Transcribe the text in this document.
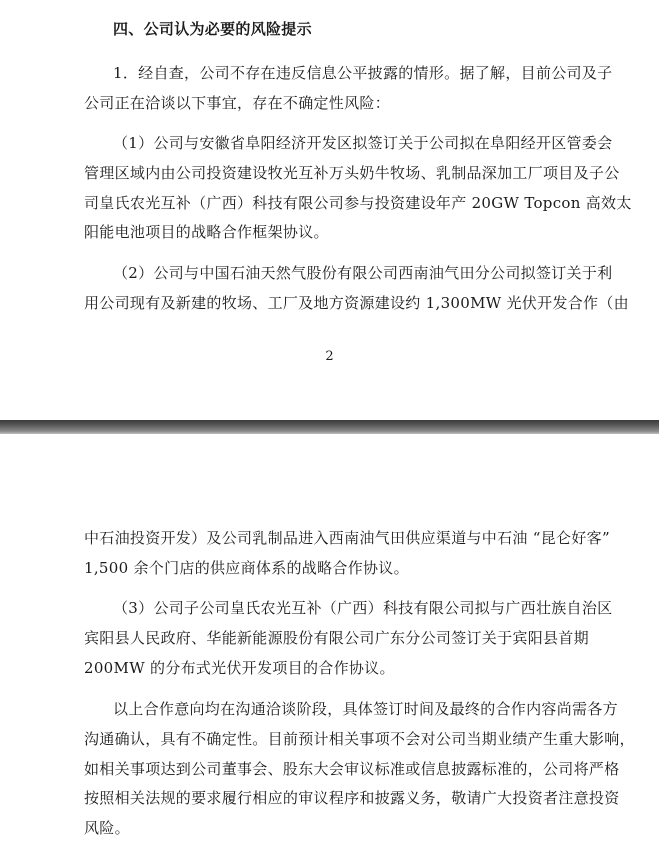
四、公司认为必要的风险提示
1．经自查，公司不存在违反信息公平披露的情形。据了解，目前公司及子
公司正在洽谈以下事宜，存在不确定性风险：
（1）公司与安徽省阜阳经济开发区拟签订关于公司拟在阜阳经开区管委会
管理区域内由公司投资建设牧光互补万头奶牛牧场、乳制品深加工厂项目及子公
司皇氏农光互补（广西）科技有限公司参与投资建设年产 20GW Topcon 高效太
阳能电池项目的战略合作框架协议。
（2）公司与中国石油天然气股份有限公司西南油气田分公司拟签订关于利
用公司现有及新建的牧场、工厂及地方资源建设约 1,300MW 光伏开发合作（由
2
中石油投资开发）及公司乳制品进入西南油气田供应渠道与中石油 “昆仑好客”
1,500 余个门店的供应商体系的战略合作协议。
（3）公司子公司皇氏农光互补（广西）科技有限公司拟与广西壮族自治区
宾阳县人民政府、华能新能源股份有限公司广东分公司签订关于宾阳县首期
200MW 的分布式光伏开发项目的合作协议。
以上合作意向均在沟通洽谈阶段，具体签订时间及最终的合作内容尚需各方
沟通确认，具有不确定性。目前预计相关事项不会对公司当期业绩产生重大影响，
如相关事项达到公司董事会、股东大会审议标准或信息披露标准的，公司将严格
按照相关法规的要求履行相应的审议程序和披露义务，敬请广大投资者注意投资
风险。
